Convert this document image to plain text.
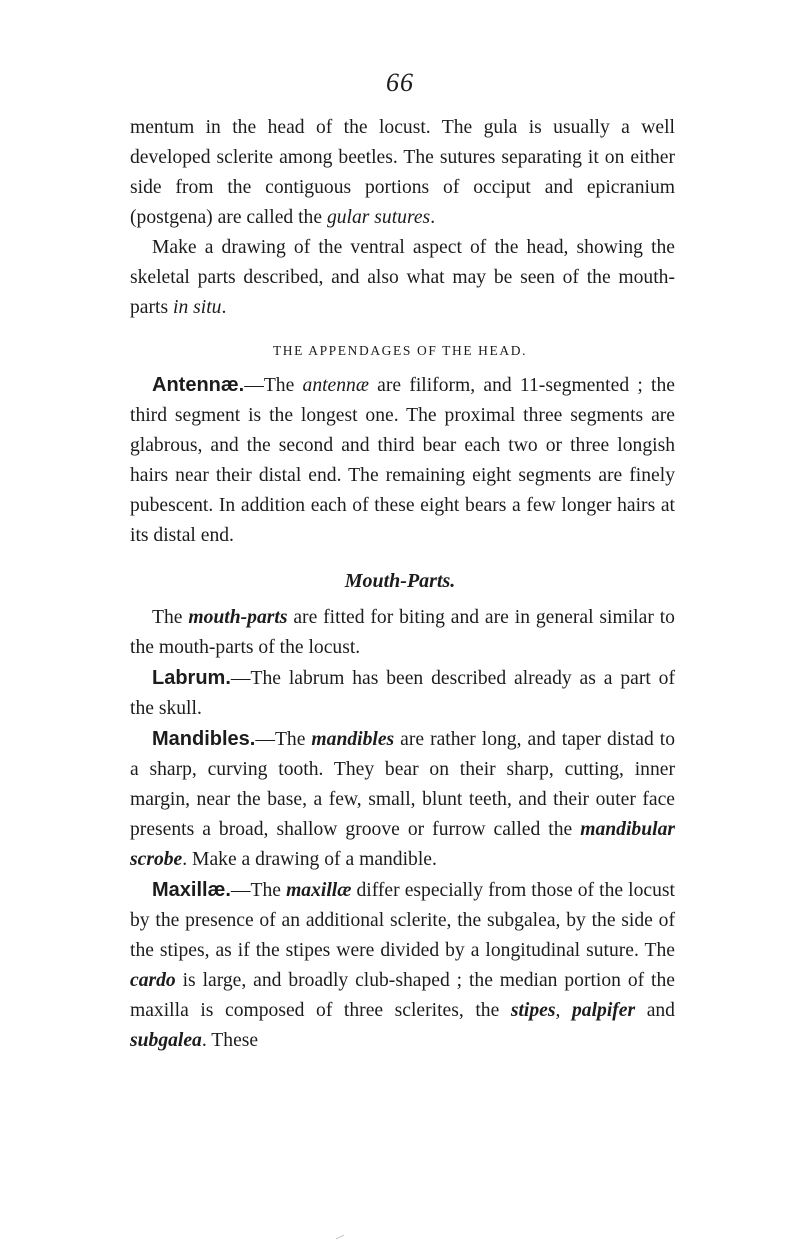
66

mentum in the head of the locust. The gula is usually a well developed sclerite among beetles. The sutures separating it on either side from the contiguous portions of occiput and epicranium (postgena) are called the gular sutures.

Make a drawing of the ventral aspect of the head, showing the skeletal parts described, and also what may be seen of the mouth-parts in situ.

THE APPENDAGES OF THE HEAD.

Antennæ.—The antennæ are filiform, and 11-segmented ; the third segment is the longest one. The proximal three segments are glabrous, and the second and third bear each two or three longish hairs near their distal end. The remaining eight segments are finely pubescent. In addition each of these eight bears a few longer hairs at its distal end.

Mouth-Parts.

The mouth-parts are fitted for biting and are in general similar to the mouth-parts of the locust.

Labrum.—The labrum has been described already as a part of the skull.

Mandibles.—The mandibles are rather long, and taper distad to a sharp, curving tooth. They bear on their sharp, cutting, inner margin, near the base, a few, small, blunt teeth, and their outer face presents a broad, shallow groove or furrow called the mandibular scrobe. Make a drawing of a mandible.

Maxillæ.—The maxillæ differ especially from those of the locust by the presence of an additional sclerite, the subgalea, by the side of the stipes, as if the stipes were divided by a longitudinal suture. The cardo is large, and broadly club-shaped ; the median portion of the maxilla is composed of three sclerites, the stipes, palpifer and subgalea. These
